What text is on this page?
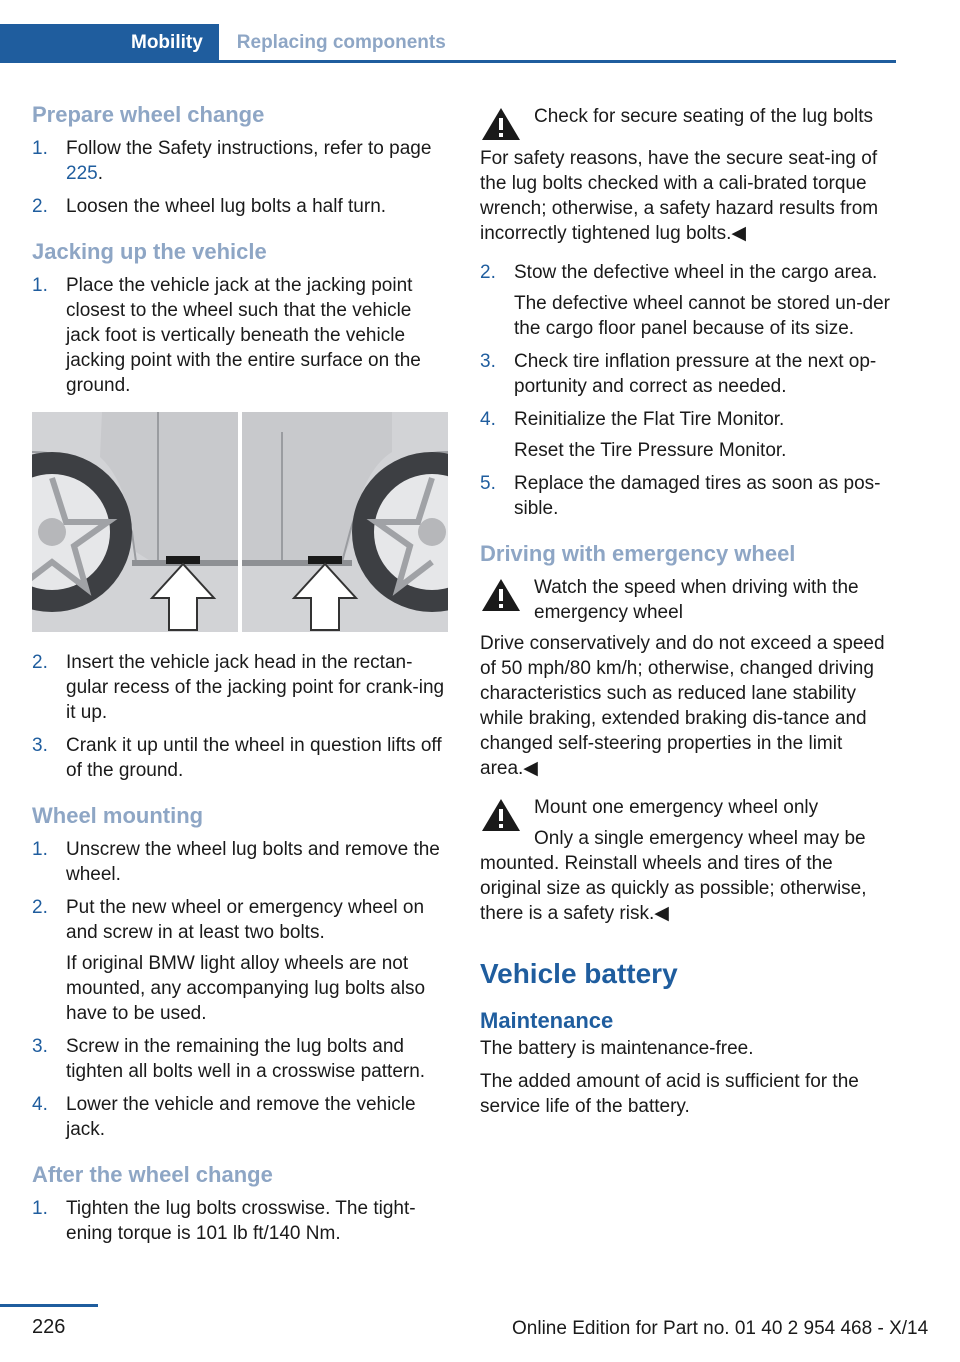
Mobility	Replacing components
Prepare wheel change
1. Follow the Safety instructions, refer to page 225.
2. Loosen the wheel lug bolts a half turn.
Jacking up the vehicle
1. Place the vehicle jack at the jacking point closest to the wheel such that the vehicle jack foot is vertically beneath the vehicle jacking point with the entire surface on the ground.
2. Insert the vehicle jack head in the rectan‐gular recess of the jacking point for crank‐ing it up.
3. Crank it up until the wheel in question lifts off of the ground.
Wheel mounting
1. Unscrew the wheel lug bolts and remove the wheel.
2. Put the new wheel or emergency wheel on and screw in at least two bolts.

If original BMW light alloy wheels are not mounted, any accompanying lug bolts also have to be used.

3. Screw in the remaining the lug bolts and tighten all bolts well in a crosswise pattern.
4. Lower the vehicle and remove the vehicle jack.
After the wheel change
1. Tighten the lug bolts crosswise. The tight‐ening torque is 101 lb ft/140 Nm.
Check for secure seating of the lug bolts
For safety reasons, have the secure seat‐ing of the lug bolts checked with a cali‐brated torque wrench; otherwise, a safety hazard results from incorrectly tightened lug bolts.◀
2. Stow the defective wheel in the cargo area.

The defective wheel cannot be stored un‐der the cargo floor panel because of its size.

3. Check tire inflation pressure at the next op‐portunity and correct as needed.
4. Reinitialize the Flat Tire Monitor.

Reset the Tire Pressure Monitor.

5. Replace the damaged tires as soon as pos‐sible.
Driving with emergency wheel
Watch the speed when driving with the emergency wheel
Drive conservatively and do not exceed a speed of 50 mph/80 km/h; otherwise, changed driving characteristics such as reduced lane stability while braking, extended braking dis‐tance and changed self-steering properties in the limit area.◀
Mount one emergency wheel only
Only a single emergency wheel may be mounted. Reinstall wheels and tires of the original size as quickly as possible; otherwise, there is a safety risk.◀
Vehicle battery
Maintenance

The battery is maintenance-free.

The added amount of acid is sufficient for the service life of the battery.

226	Online Edition for Part no. 01 40 2 954 468 - X/14
